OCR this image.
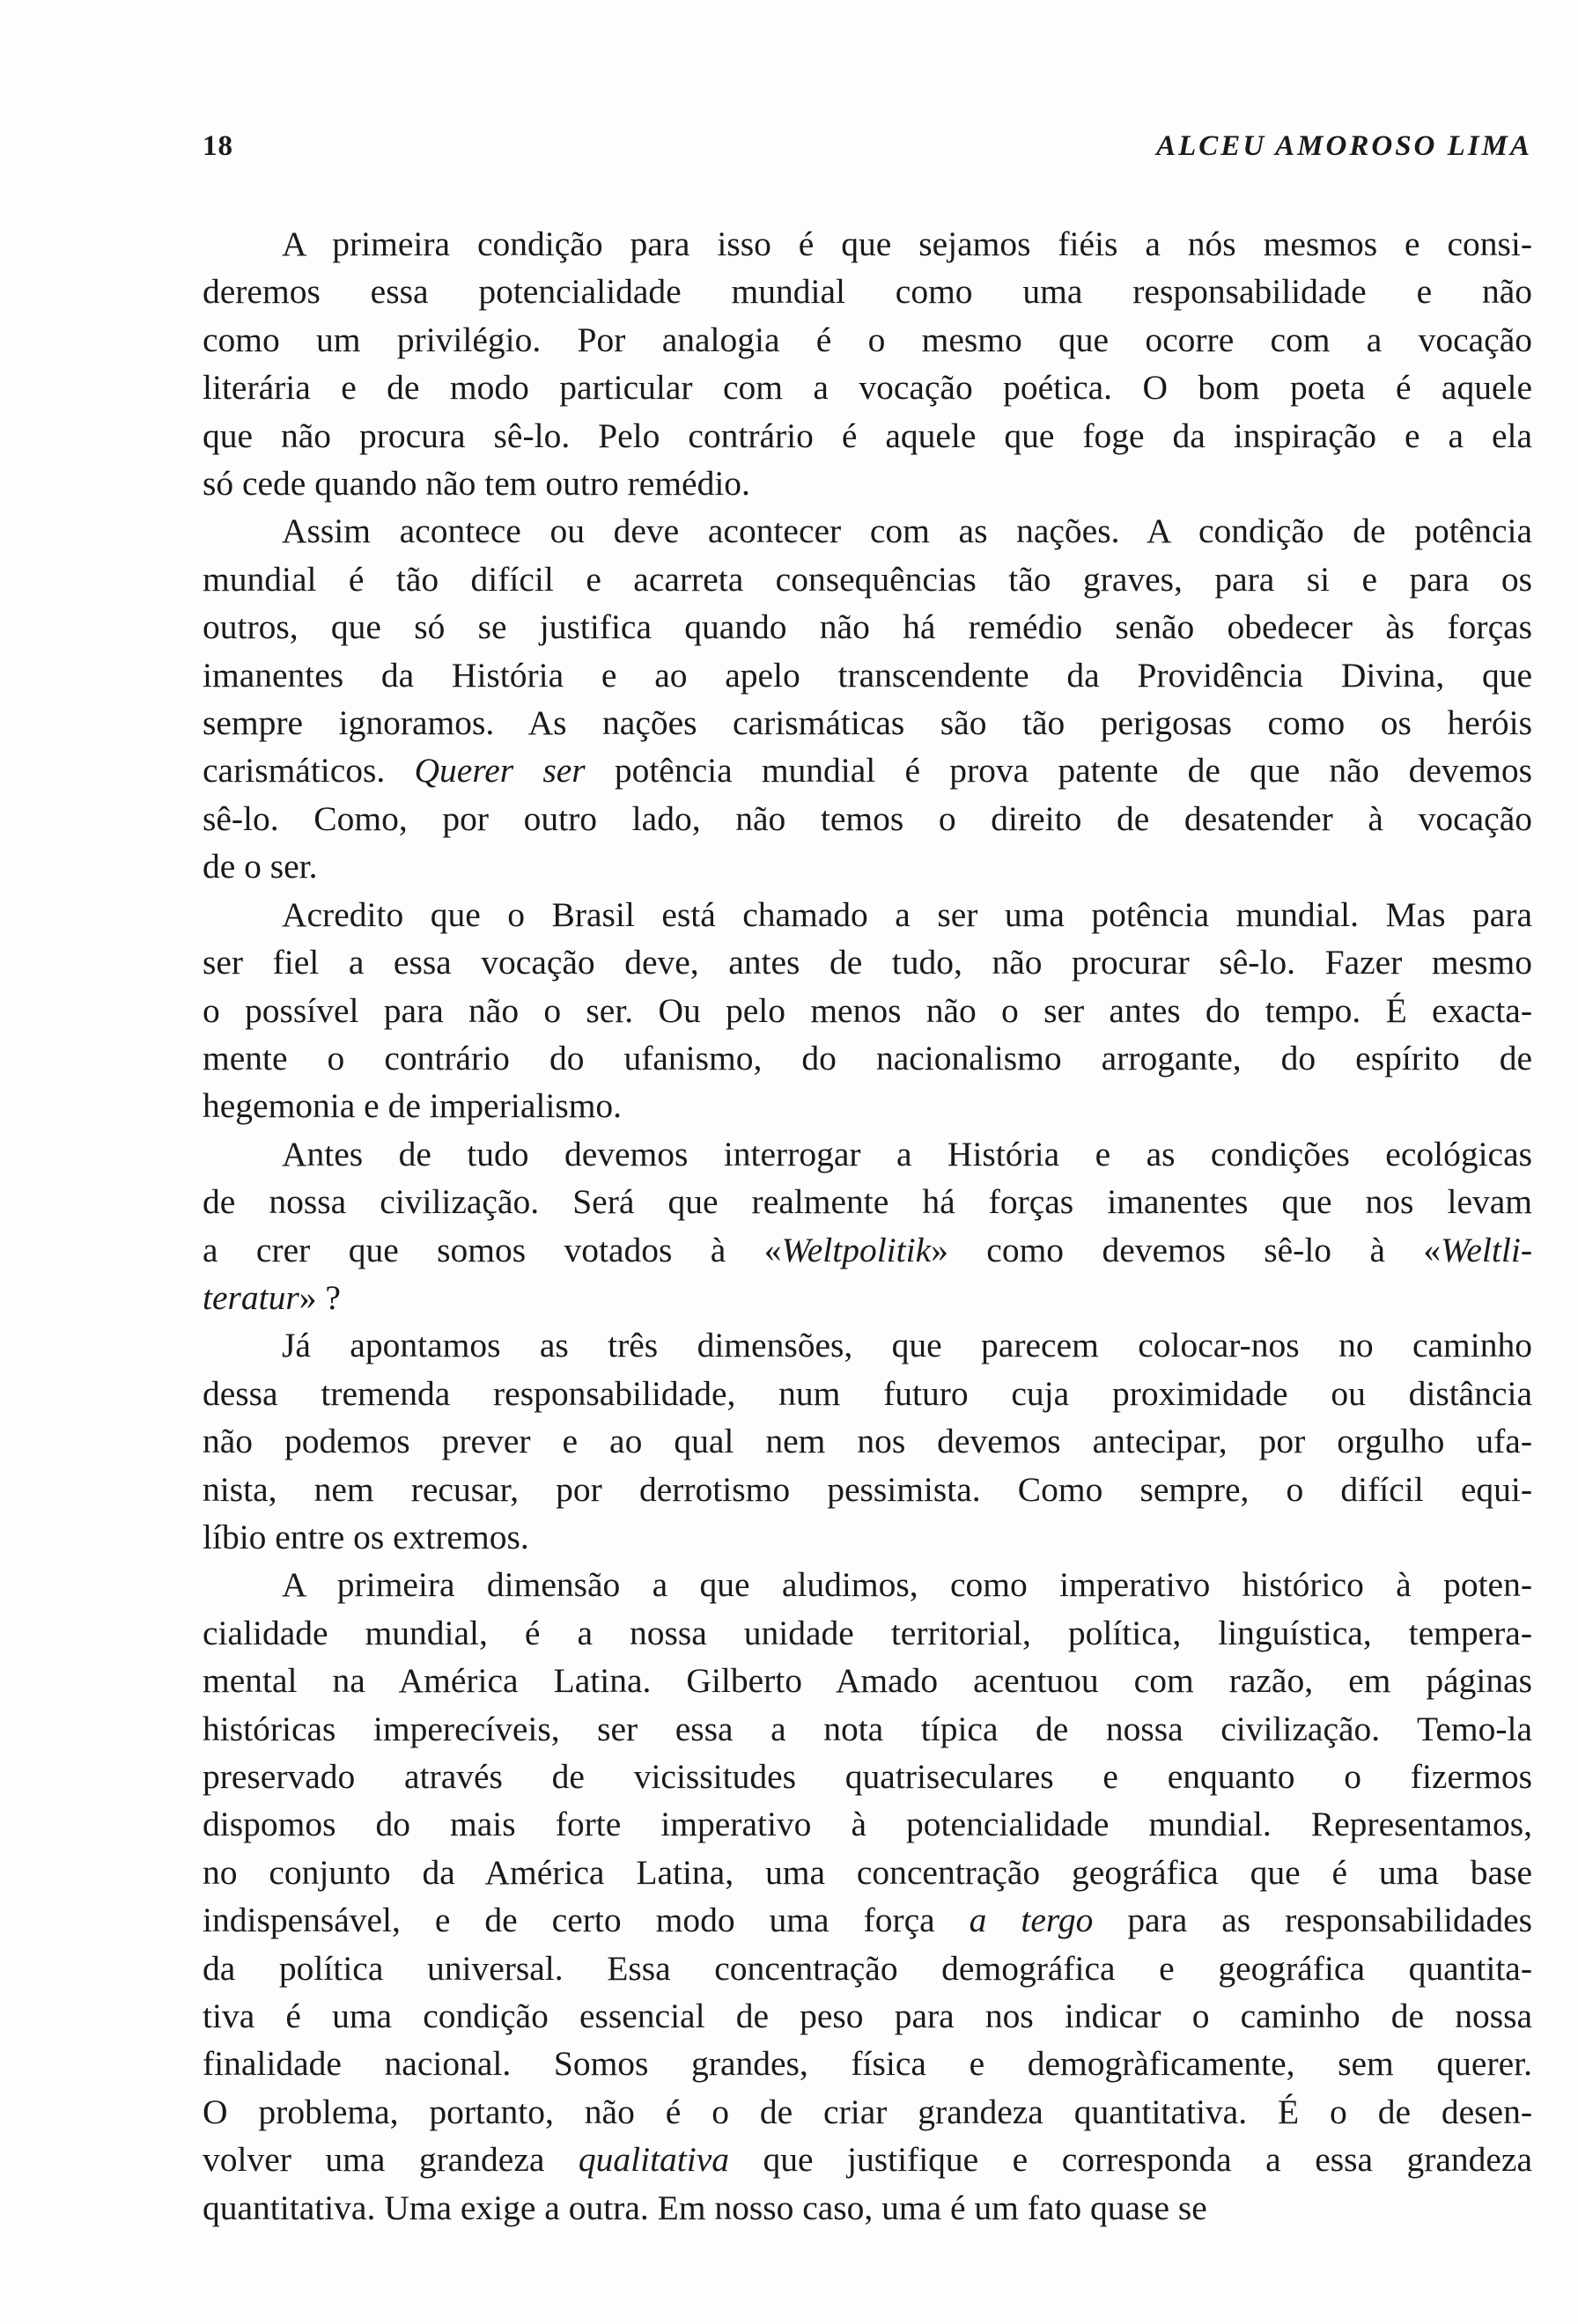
18	ALCEU AMOROSO LIMA

A primeira condição para isso é que sejamos fiéis a nós mesmos e consi-
deremos essa potencialidade mundial como uma responsabilidade e não
como um privilégio. Por analogia é o mesmo que ocorre com a vocação
literária e de modo particular com a vocação poética. O bom poeta é aquele
que não procura sê-lo. Pelo contrário é aquele que foge da inspiração e a ela
só cede quando não tem outro remédio.

Assim acontece ou deve acontecer com as nações. A condição de potência
mundial é tão difícil e acarreta consequências tão graves, para si e para os
outros, que só se justifica quando não há remédio senão obedecer às forças
imanentes da História e ao apelo transcendente da Providência Divina, que
sempre ignoramos. As nações carismáticas são tão perigosas como os heróis
carismáticos. Querer ser potência mundial é prova patente de que não devemos
sê-lo. Como, por outro lado, não temos o direito de desatender à vocação
de o ser.

Acredito que o Brasil está chamado a ser uma potência mundial. Mas para
ser fiel a essa vocação deve, antes de tudo, não procurar sê-lo. Fazer mesmo
o possível para não o ser. Ou pelo menos não o ser antes do tempo. É exacta-
mente o contrário do ufanismo, do nacionalismo arrogante, do espírito de
hegemonia e de imperialismo.

Antes de tudo devemos interrogar a História e as condições ecológicas
de nossa civilização. Será que realmente há forças imanentes que nos levam
a crer que somos votados à «Weltpolitik» como devemos sê-lo à «Weltli-
teratur» ?

Já apontamos as três dimensões, que parecem colocar-nos no caminho
dessa tremenda responsabilidade, num futuro cuja proximidade ou distância
não podemos prever e ao qual nem nos devemos antecipar, por orgulho ufa-
nista, nem recusar, por derrotismo pessimista. Como sempre, o difícil equi-
líbio entre os extremos.

A primeira dimensão a que aludimos, como imperativo histórico à poten-
cialidade mundial, é a nossa unidade territorial, política, linguística, tempera-
mental na América Latina. Gilberto Amado acentuou com razão, em páginas
históricas imperecíveis, ser essa a nota típica de nossa civilização. Temo-la
preservado através de vicissitudes quatriseculares e enquanto o fizermos
dispomos do mais forte imperativo à potencialidade mundial. Representamos,
no conjunto da América Latina, uma concentração geográfica que é uma base
indispensável, e de certo modo uma força a tergo para as responsabilidades
da política universal. Essa concentração demográfica e geográfica quantita-
tiva é uma condição essencial de peso para nos indicar o caminho de nossa
finalidade nacional. Somos grandes, física e demogràficamente, sem querer.
O problema, portanto, não é o de criar grandeza quantitativa. É o de desen-
volver uma grandeza qualitativa que justifique e corresponda a essa grandeza
quantitativa. Uma exige a outra. Em nosso caso, uma é um fato quase se
